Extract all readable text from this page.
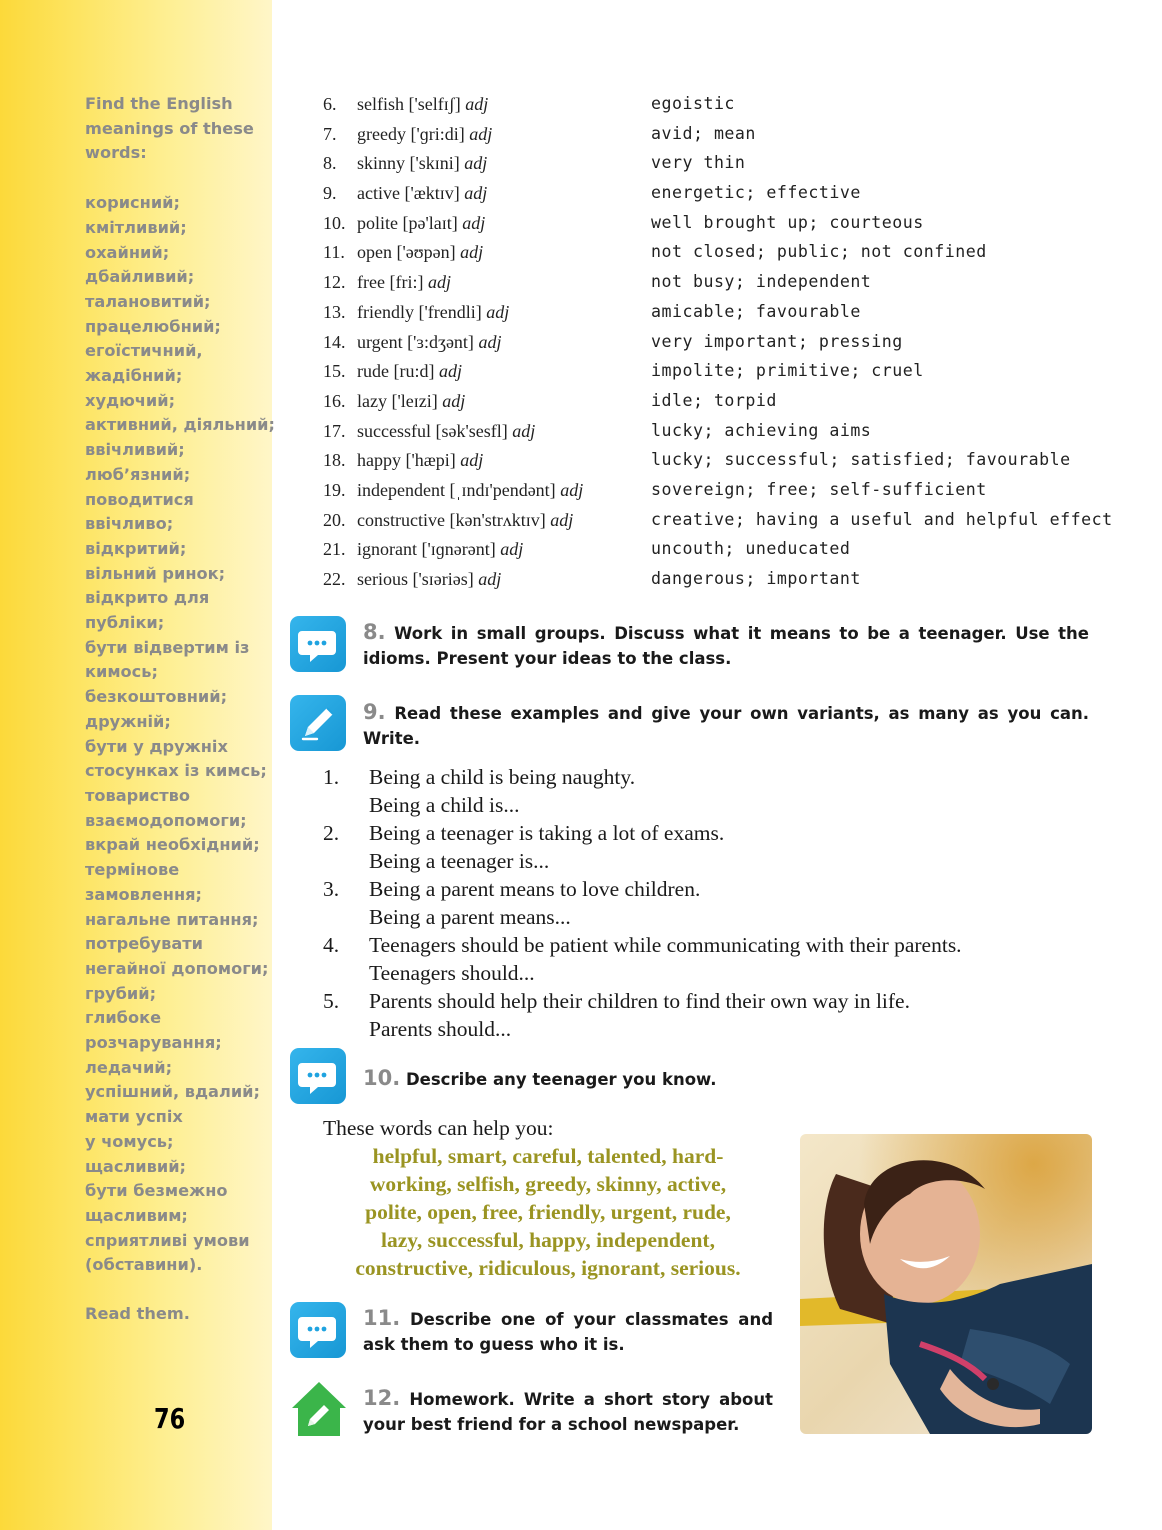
Find the English
meanings of these
words:
корисний;
кмітливий;
охайний;
дбайливий;
талановитий;
працелюбний;
егоїстичний,
жадібний;
худючий;
активний, діяльний;
ввічливий;
люб’язний;
поводитися
ввічливо;
відкритий;
вільний ринок;
відкрито для
публіки;
бути відвертим із
кимось;
безкоштовний;
дружній;
бути у дружніх
стосунках із кимсь;
товариство
взаємодопомоги;
вкрай необхідний;
термінове
замовлення;
нагальне питання;
потребувати
негайної допомоги;
грубий;
глибоке
розчарування;
ледачий;
успішний, вдалий;
мати успіх
у чомусь;
щасливий;
бути безмежно
щасливим;
сприятливі умови
(обставини).
Read them.
76
6. selfish ['selfɪʃ] adj	egoistic
7. greedy ['ɡri:di] adj	avid; mean
8. skinny ['skɪni] adj	very thin
9. active ['æktɪv] adj	energetic; effective
10. polite [pə'laɪt] adj	well brought up; courteous
11. open ['əʊpən] adj	not closed; public; not confined
12. free [fri:] adj	not busy; independent
13. friendly ['frendli] adj	amicable; favourable
14. urgent ['ɜ:dʒənt] adj	very important; pressing
15. rude [ru:d] adj	impolite; primitive; cruel
16. lazy ['leɪzi] adj	idle; torpid
17. successful [sək'sesfl] adj	lucky; achieving aims
18. happy ['hæpi] adj	lucky; successful; satisfied; favourable
19. independent [ˌɪndɪ'pendənt] adj	sovereign; free; self-sufficient
20. constructive [kən'strʌktɪv] adj	creative; having a useful and helpful effect
21. ignorant ['ɪɡnərənt] adj	uncouth; uneducated
22. serious ['sɪəriəs] adj	dangerous; important
8. Work in small groups. Discuss what it means to be a teenager. Use the idioms. Present your ideas to the class.
9. Read these examples and give your own variants, as many as you can. Write.
1. Being a child is being naughty.
Being a child is...
2. Being a teenager is taking a lot of exams.
Being a teenager is...
3. Being a parent means to love children.
Being a parent means...
4. Teenagers should be patient while communicating with their parents.
Teenagers should...
5. Parents should help their children to find their own way in life.
Parents should...
10. Describe any teenager you know.
These words can help you:
helpful, smart, careful, talented, hard-
working, selfish, greedy, skinny, active,
polite, open, free, friendly, urgent, rude,
lazy, successful, happy, independent,
constructive, ridiculous, ignorant, serious.
11. Describe one of your classmates and ask them to guess who it is.
12. Homework. Write a short story about your best friend for a school newspaper.
